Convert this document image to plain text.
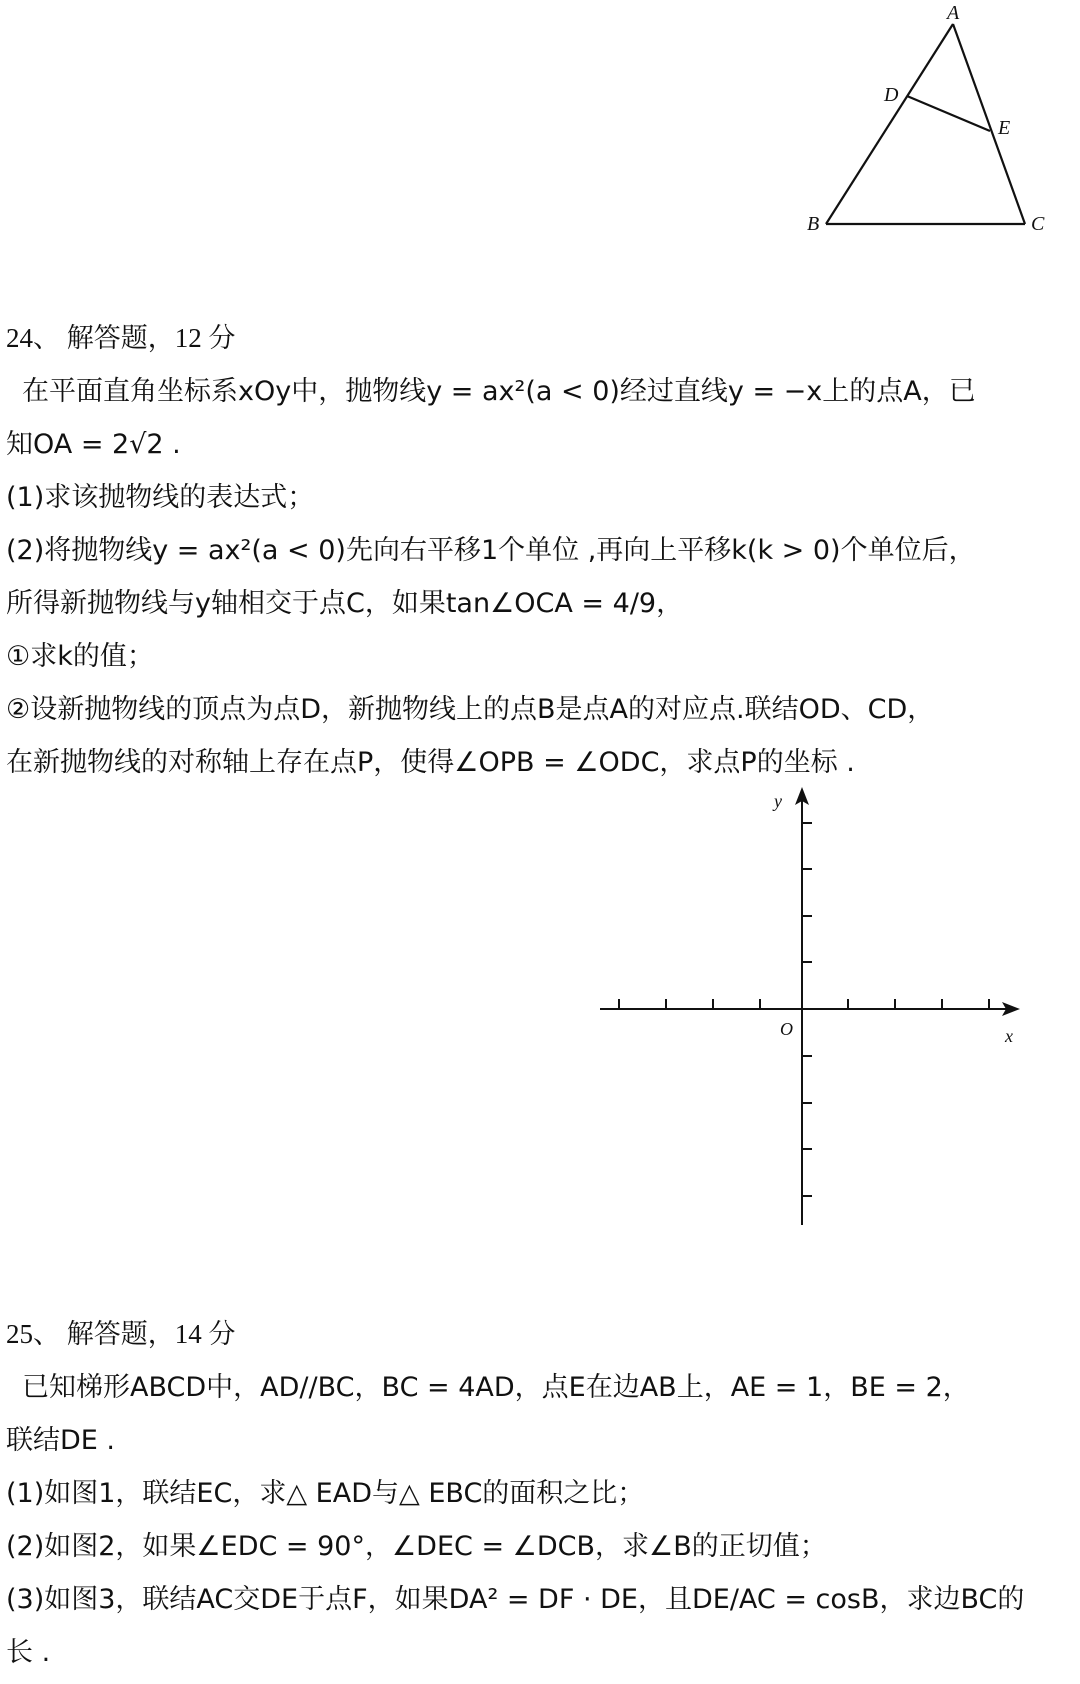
A
D
E
B	C

24、 解答题，12 分

在平面直角坐标系xOy中，抛物线y = ax²(a < 0)经过直线y = −x上的点A，已

知OA = 2√2 .

(1)求该抛物线的表达式；

(2)将抛物线y = ax²(a < 0)先向右平移1个单位 ,再向上平移k(k > 0)个单位后，

所得新抛物线与y轴相交于点C，如果tan∠OCA = 4/9，

①求k的值；

②设新抛物线的顶点为点D，新抛物线上的点B是点A的对应点.联结OD、CD，

在新抛物线的对称轴上存在点P，使得∠OPB = ∠ODC，求点P的坐标 .

y
x
O

25、 解答题，14 分

已知梯形ABCD中，AD//BC，BC = 4AD，点E在边AB上，AE = 1，BE = 2，

联结DE .

(1)如图1，联结EC，求△ EAD与△ EBC的面积之比；

(2)如图2，如果∠EDC = 90°，∠DEC = ∠DCB，求∠B的正切值；

(3)如图3，联结AC交DE于点F，如果DA² = DF · DE，且DE/AC = cosB，求边BC的

长 .
